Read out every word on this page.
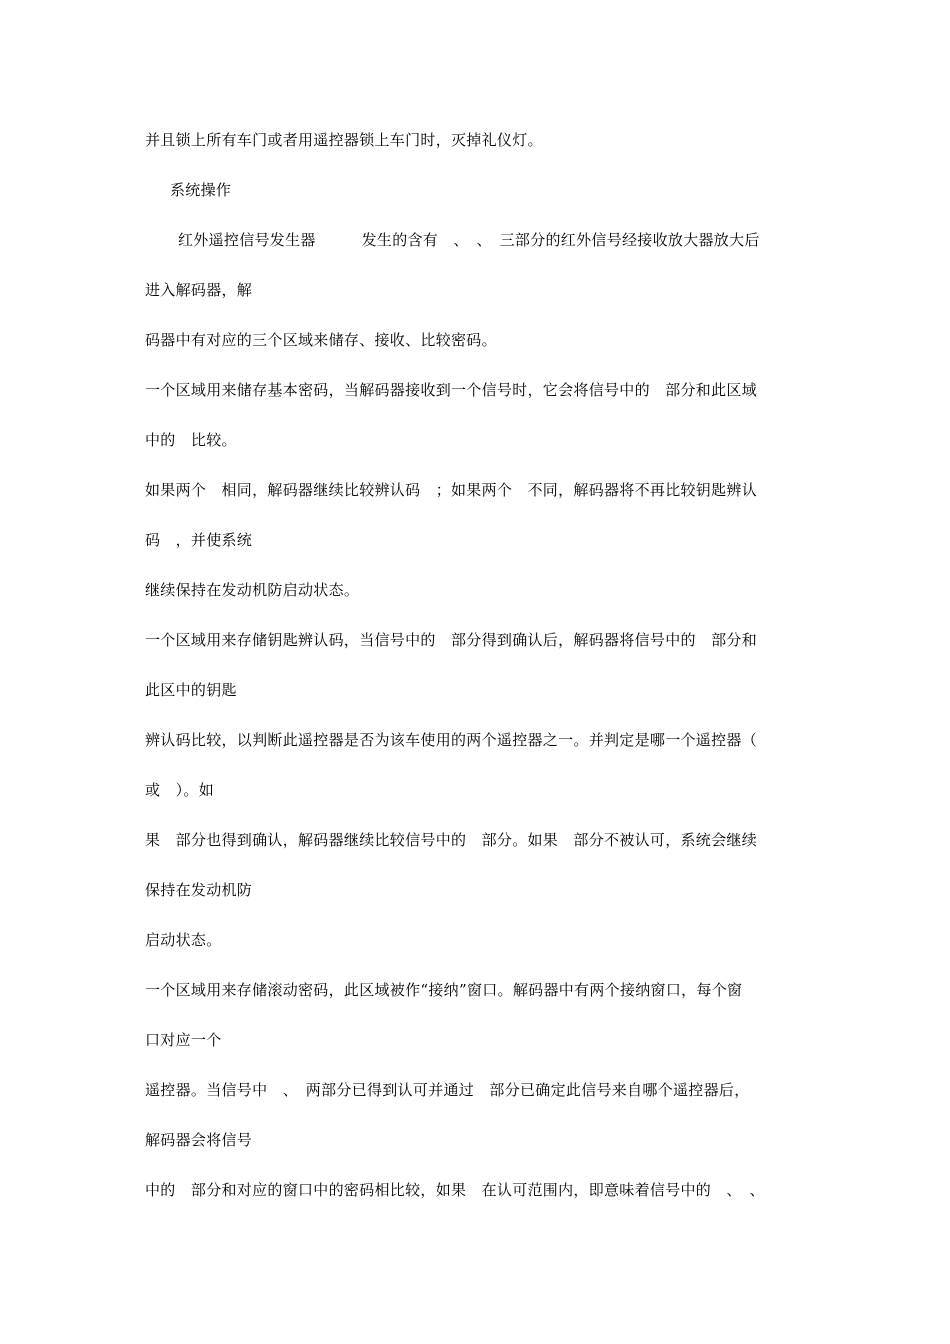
并且锁上所有车门或者用遥控器锁上车门时，灭掉礼仪灯。
系统操作
红外遥控信号发生器　　　发生的含有　、　、　三部分的红外信号经接收放大器放大后
进入解码器，解
码器中有对应的三个区域来储存、接收、比较密码。
一个区域用来储存基本密码，当解码器接收到一个信号时，它会将信号中的　部分和此区域
中的　比较。
如果两个　相同，解码器继续比较辨认码　；如果两个　不同，解码器将不再比较钥匙辨认
码　，并使系统
继续保持在发动机防启动状态。
一个区域用来存储钥匙辨认码，当信号中的　部分得到确认后，解码器将信号中的　部分和
此区中的钥匙
辨认码比较，以判断此遥控器是否为该车使用的两个遥控器之一。并判定是哪一个遥控器（
或　）。如
果　部分也得到确认，解码器继续比较信号中的　部分。如果　部分不被认可，系统会继续
保持在发动机防
启动状态。
一个区域用来存储滚动密码，此区域被作“接纳”窗口。解码器中有两个接纳窗口，每个窗
口对应一个
遥控器。当信号中　、　两部分已得到认可并通过　部分已确定此信号来自哪个遥控器后，
解码器会将信号
中的　部分和对应的窗口中的密码相比较，如果　在认可范围内，即意味着信号中的　、　、
